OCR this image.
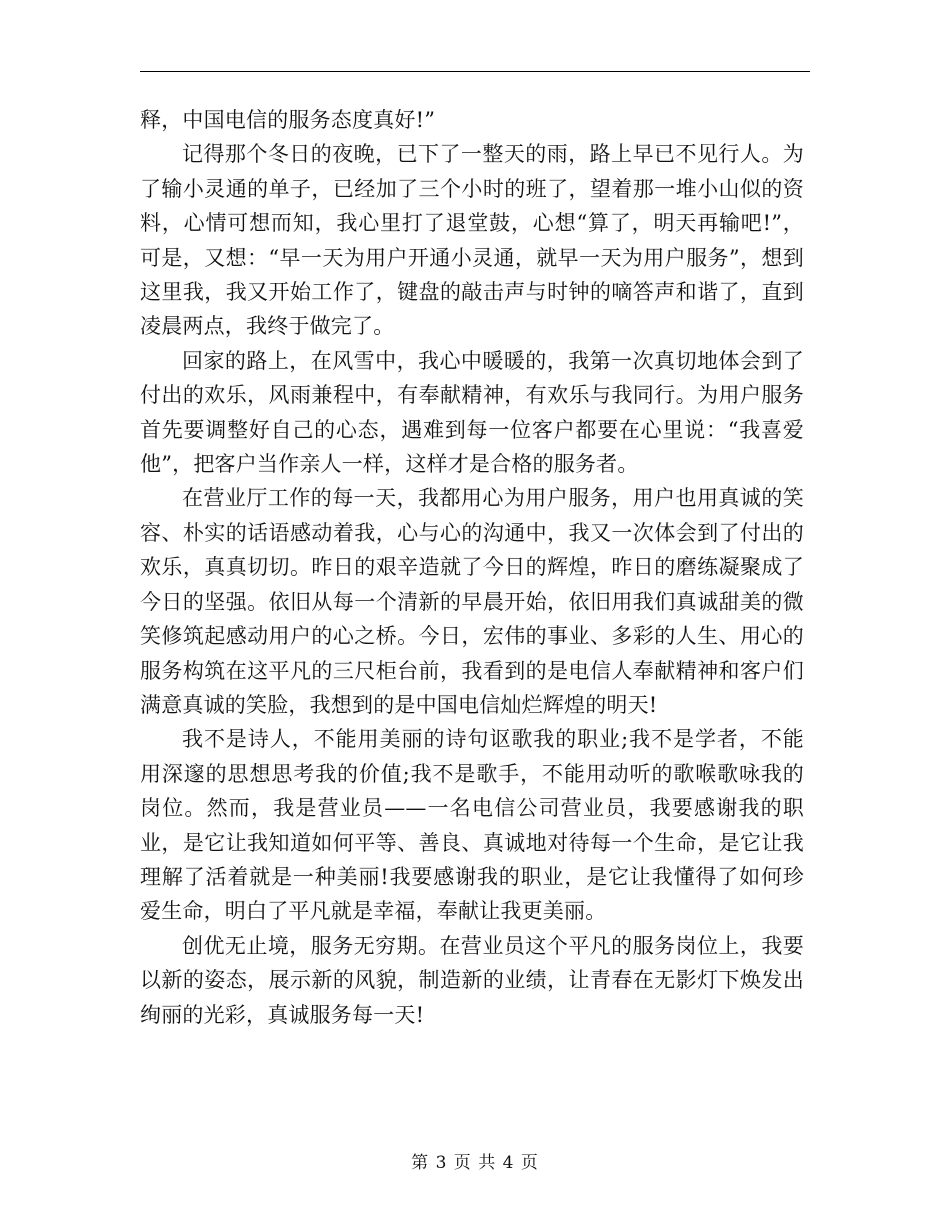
释，中国电信的服务态度真好!”

记得那个冬日的夜晚，已下了一整天的雨，路上早已不见行人。为了输小灵通的单子，已经加了三个小时的班了，望着那一堆小山似的资料，心情可想而知，我心里打了退堂鼓，心想“算了，明天再输吧!”，可是，又想：“早一天为用户开通小灵通，就早一天为用户服务”，想到这里我，我又开始工作了，键盘的敲击声与时钟的嘀答声和谐了，直到凌晨两点，我终于做完了。

回家的路上，在风雪中，我心中暖暖的，我第一次真切地体会到了付出的欢乐，风雨兼程中，有奉献精神，有欢乐与我同行。为用户服务首先要调整好自己的心态，遇难到每一位客户都要在心里说：“我喜爱他”，把客户当作亲人一样，这样才是合格的服务者。

在营业厅工作的每一天，我都用心为用户服务，用户也用真诚的笑容、朴实的话语感动着我，心与心的沟通中，我又一次体会到了付出的欢乐，真真切切。昨日的艰辛造就了今日的辉煌，昨日的磨练凝聚成了今日的坚强。依旧从每一个清新的早晨开始，依旧用我们真诚甜美的微笑修筑起感动用户的心之桥。今日，宏伟的事业、多彩的人生、用心的服务构筑在这平凡的三尺柜台前，我看到的是电信人奉献精神和客户们满意真诚的笑脸，我想到的是中国电信灿烂辉煌的明天!

我不是诗人，不能用美丽的诗句讴歌我的职业;我不是学者，不能用深邃的思想思考我的价值;我不是歌手，不能用动听的歌喉歌咏我的岗位。然而，我是营业员——一名电信公司营业员，我要感谢我的职业，是它让我知道如何平等、善良、真诚地对待每一个生命，是它让我理解了活着就是一种美丽!我要感谢我的职业，是它让我懂得了如何珍爱生命，明白了平凡就是幸福，奉献让我更美丽。

创优无止境，服务无穷期。在营业员这个平凡的服务岗位上，我要以新的姿态，展示新的风貌，制造新的业绩，让青春在无影灯下焕发出绚丽的光彩，真诚服务每一天!

第 3 页 共 4 页
